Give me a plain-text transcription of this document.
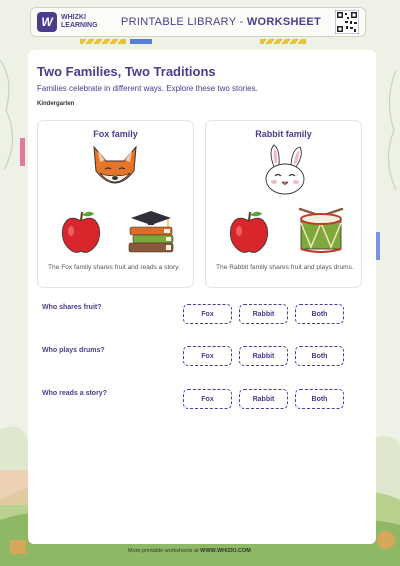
W	WHIZKI
LEARNING PRINTABLE LIBRARY - WORKSHEET
Two Families, Two Traditions
Families celebrate in different ways. Explore these two stories.
Kindergarten
Fox family
The Fox family shares fruit and reads a story.
Rabbit family
The Rabbit family shares fruit and plays drums.
Who shares fruit?
Fox	Rabbit	Both
Who plays drums?
Fox	Rabbit	Both
Who reads a story?
Fox	Rabbit	Both
More printable worksheets at WWW.WHIZKI.COM
